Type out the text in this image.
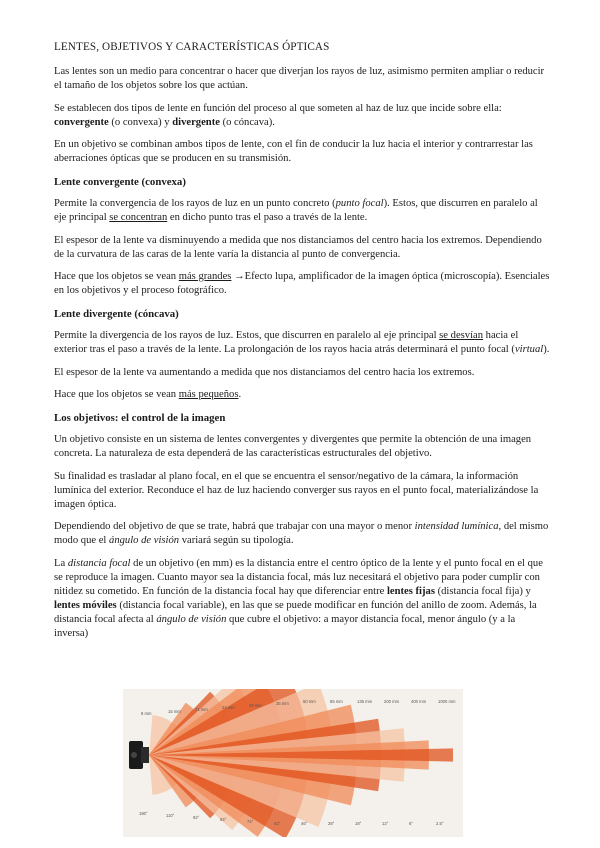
LENTES, OBJETIVOS Y CARACTERÍSTICAS ÓPTICAS

Las lentes son un medio para concentrar o hacer que diverjan los rayos de luz, asimismo permiten ampliar o reducir el tamaño de los objetos sobre los que actúan.

Se establecen dos tipos de lente en función del proceso al que someten al haz de luz que incide sobre ella: convergente (o convexa) y divergente (o cóncava).

En un objetivo se combinan ambos tipos de lente, con el fin de conducir la luz hacia el interior y contrarrestar las aberraciones ópticas que se producen en su transmisión.

Lente convergente (convexa)

Permite la convergencia de los rayos de luz en un punto concreto (punto focal). Estos, que discurren en paralelo al eje principal se concentran en dicho punto tras el paso a través de la lente.

El espesor de la lente va disminuyendo a medida que nos distanciamos del centro hacia los extremos. Dependiendo de la curvatura de las caras de la lente varía la distancia al punto de convergencia.

Hace que los objetos se vean más grandes →Efecto lupa, amplificador de la imagen óptica (microscopía). Esenciales en los objetivos y el proceso fotográfico.

Lente divergente (cóncava)

Permite la divergencia de los rayos de luz. Estos, que discurren en paralelo al eje principal se desvían hacia el exterior tras el paso a través de la lente. La prolongación de los rayos hacia atrás determinará el punto focal (virtual).

El espesor de la lente va aumentando a medida que nos distanciamos del centro hacia los extremos.

Hace que los objetos se vean más pequeños.

Los objetivos: el control de la imagen

Un objetivo consiste en un sistema de lentes convergentes y divergentes que permite la obtención de una imagen concreta. La naturaleza de esta dependerá de las características estructurales del objetivo.

Su finalidad es trasladar al plano focal, en el que se encuentra el sensor/negativo de la cámara, la información lumínica del exterior. Reconduce el haz de luz haciendo converger sus rayos en el punto focal, materializándose la imagen óptica.

Dependiendo del objetivo de que se trate, habrá que trabajar con una mayor o menor intensidad lumínica, del mismo modo que el ángulo de visión variará según su tipología.

La distancia focal de un objetivo (en mm) es la distancia entre el centro óptico de la lente y el punto focal en el que se reproduce la imagen. Cuanto mayor sea la distancia focal, más luz necesitará el objetivo para poder cumplir con nitidez su cometido. En función de la distancia focal hay que diferenciar entre lentes fijas (distancia focal fija) y lentes móviles (distancia focal variable), en las que se puede modificar en función del anillo de zoom. Además, la distancia focal afecta al ángulo de visión que cubre el objetivo: a mayor distancia focal, menor ángulo (y a la inversa)

8 mm	15 mm	21 mm	24 mm	28 mm	35 mm	50 mm	85 mm	135 mm	200 mm	400 mm	1000 mm
180°	110°	92°	84°	74°	63°	46°	28°	18°	12°	6°	2.5°
